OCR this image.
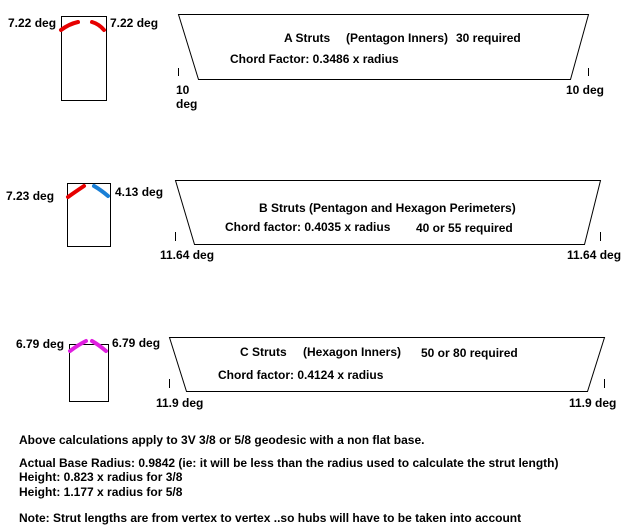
7.22 deg	7.22 deg
A Struts (Pentagon Inners) 30 required
Chord Factor: 0.3486 x radius
10
deg
10 deg
7.23 deg	4.13 deg
B Struts (Pentagon and Hexagon Perimeters)
Chord factor: 0.4035 x radius 40 or 55 required
11.64 deg	11.64 deg
6.79 deg	6.79 deg
C Struts (Hexagon Inners) 50 or 80 required
Chord factor: 0.4124 x radius
11.9 deg	11.9 deg
Above calculations apply to 3V 3/8 or 5/8 geodesic with a non flat base.
Actual Base Radius: 0.9842 (ie: it will be less than the radius used to calculate the strut length)
Height: 0.823 x radius for 3/8
Height: 1.177 x radius for 5/8
Note: Strut lengths are from vertex to vertex ..so hubs will have to be taken into account
